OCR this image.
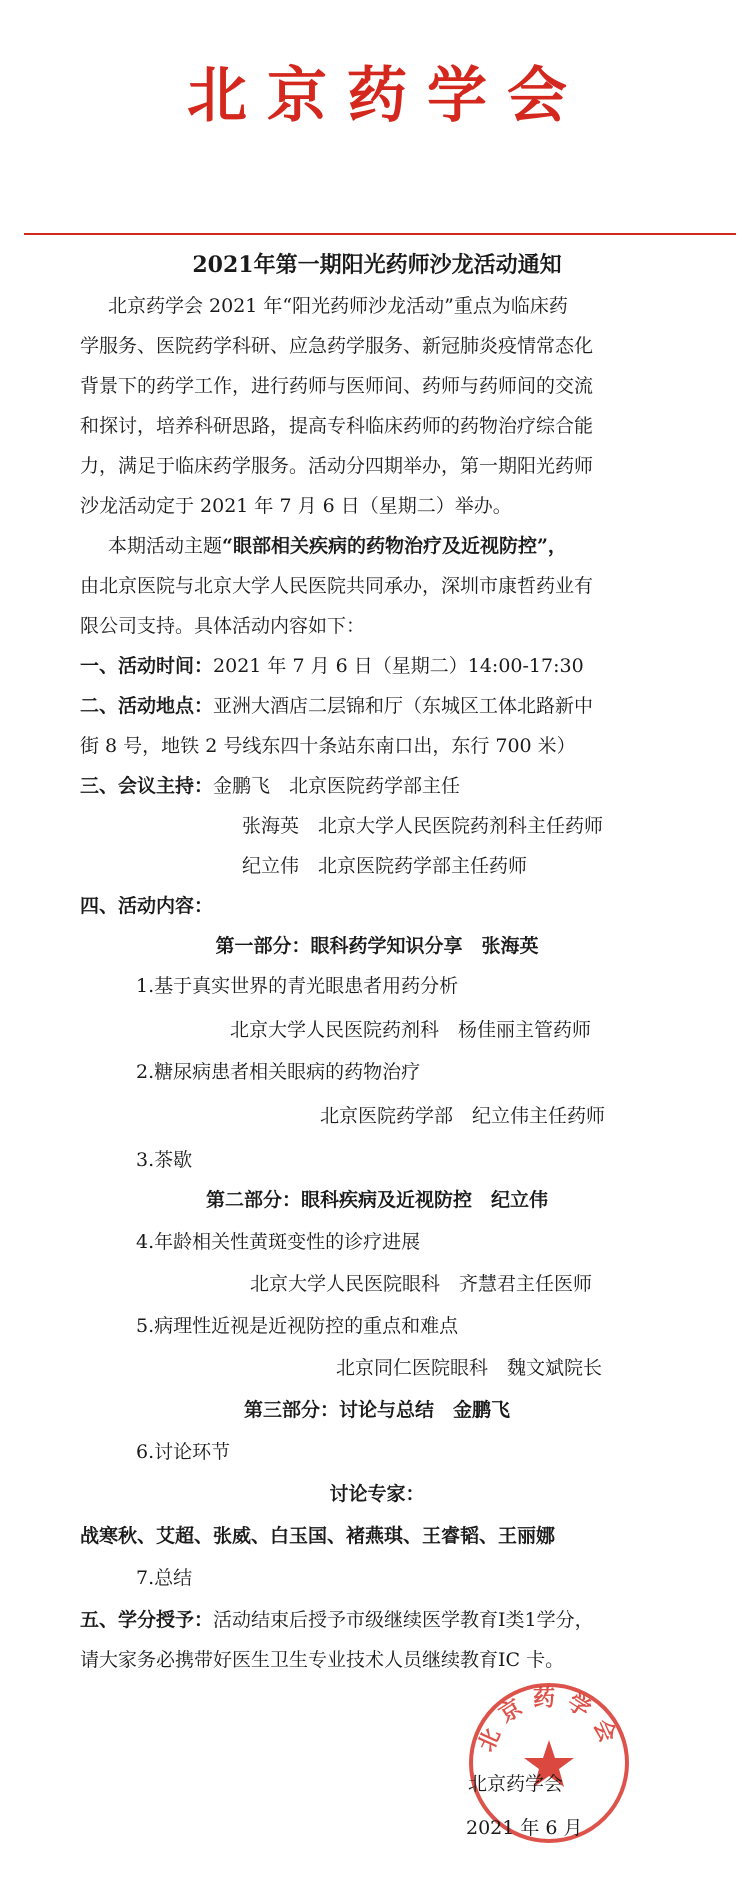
北京药学会
2021年第一期阳光药师沙龙活动通知
北京药学会 2021 年“阳光药师沙龙活动”重点为临床药
学服务、医院药学科研、应急药学服务、新冠肺炎疫情常态化
背景下的药学工作，进行药师与医师间、药师与药师间的交流
和探讨，培养科研思路，提高专科临床药师的药物治疗综合能
力，满足于临床药学服务。活动分四期举办，第一期阳光药师
沙龙活动定于 2021 年 7 月 6 日（星期二）举办。
本期活动主题“眼部相关疾病的药物治疗及近视防控”，
由北京医院与北京大学人民医院共同承办，深圳市康哲药业有
限公司支持。具体活动内容如下：
一、活动时间：2021 年 7 月 6 日（星期二）14:00-17:30
二、活动地点：亚洲大酒店二层锦和厅（东城区工体北路新中
街 8 号，地铁 2 号线东四十条站东南口出，东行 700 米）
三、会议主持：金鹏飞　北京医院药学部主任
张海英　北京大学人民医院药剂科主任药师
纪立伟　北京医院药学部主任药师
四、活动内容：
第一部分：眼科药学知识分享　张海英
1.基于真实世界的青光眼患者用药分析
北京大学人民医院药剂科　杨佳丽主管药师
2.糖尿病患者相关眼病的药物治疗
北京医院药学部　纪立伟主任药师
3.茶歇
第二部分：眼科疾病及近视防控　纪立伟
4.年龄相关性黄斑变性的诊疗进展
北京大学人民医院眼科　齐慧君主任医师
5.病理性近视是近视防控的重点和难点
北京同仁医院眼科　魏文斌院长
第三部分：讨论与总结　金鹏飞
6.讨论环节
讨论专家：
战寒秋、艾超、张威、白玉国、褚燕琪、王睿韬、王丽娜
7.总结
五、学分授予：活动结束后授予市级继续医学教育I类1学分，
请大家务必携带好医生卫生专业技术人员继续教育IC 卡。
北京药学会
北京药学会
2021 年 6 月
